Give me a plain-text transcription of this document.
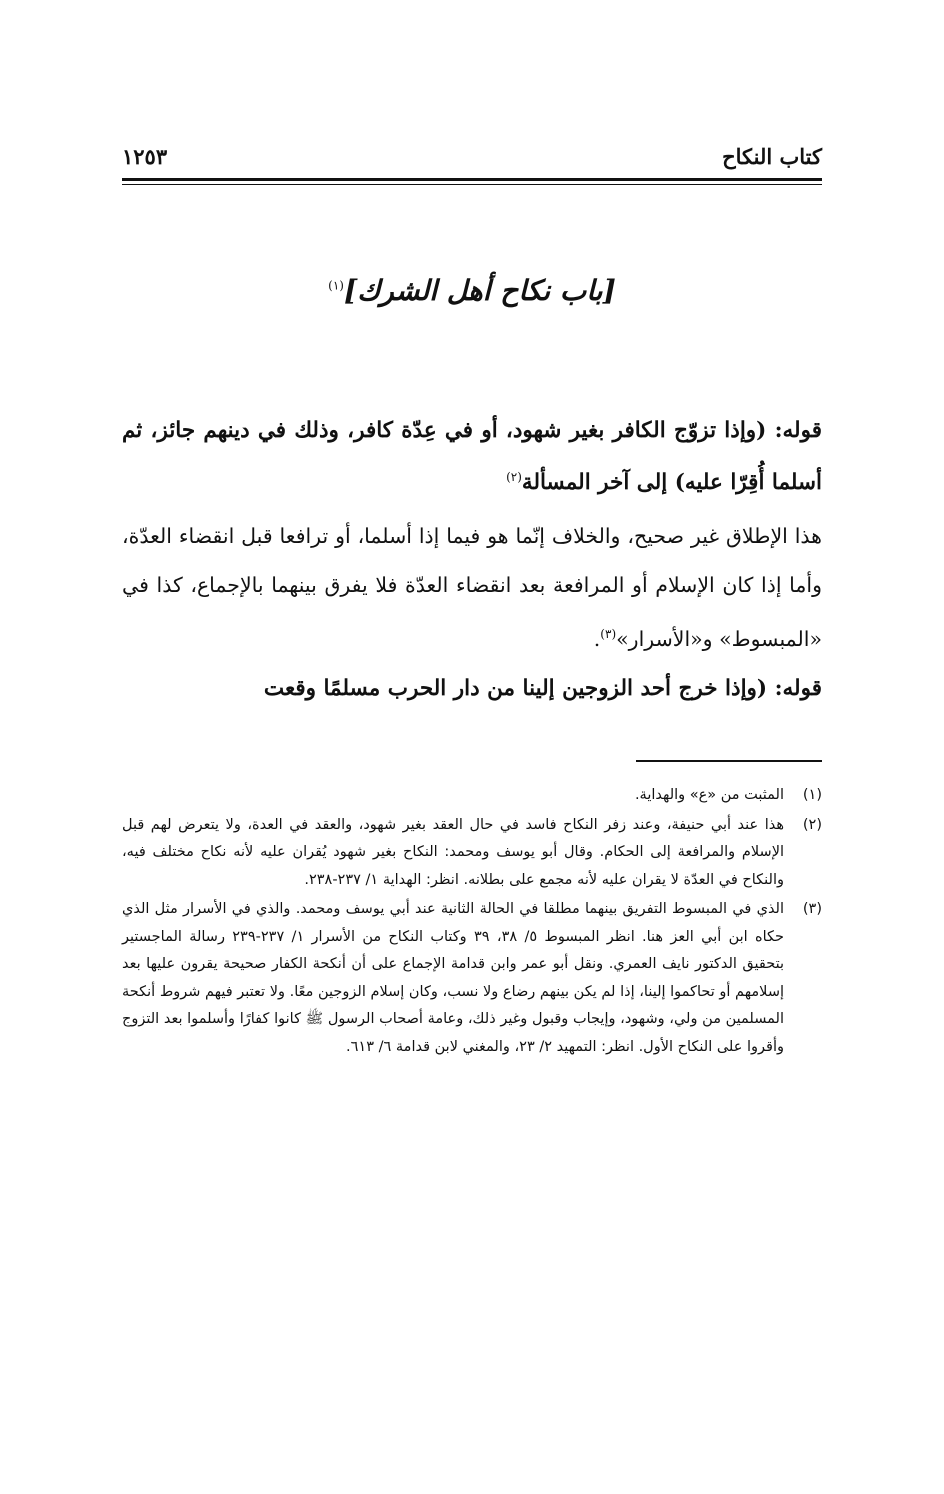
كتاب النكاح
١٢٥٣
[باب نكاح أهل الشرك]$^{(١)}$
قوله: (وإذا تزوّج الكافر بغير شهود، أو في عِدّة كافر، وذلك في دينهم جائز، ثم أسلما أُقِرّا عليه) إلى آخر المسألة$^{(٢)}$
هذا الإطلاق غير صحيح، والخلاف إنّما هو فيما إذا أسلما، أو ترافعا قبل انقضاء العدّة، وأما إذا كان الإسلام أو المرافعة بعد انقضاء العدّة فلا يفرق بينهما بالإجماع، كذا في «المبسوط» و«الأسرار»$^{(٣)}$.
قوله: (وإذا خرج أحد الزوجين إلينا من دار الحرب مسلمًا وقعت
(١)
المثبت من «ع» والهداية.
(٢)
هذا عند أبي حنيفة، وعند زفر النكاح فاسد في حال العقد بغير شهود، والعقد في العدة، ولا يتعرض لهم قبل الإسلام والمرافعة إلى الحكام. وقال أبو يوسف ومحمد: النكاح بغير شهود يُقران عليه لأنه نكاح مختلف فيه، والنكاح في العدّة لا يقران عليه لأنه مجمع على بطلانه. انظر: الهداية ١/ ٢٣٧-٢٣٨.
(٣)
الذي في المبسوط التفريق بينهما مطلقا في الحالة الثانية عند أبي يوسف ومحمد. والذي في الأسرار مثل الذي حكاه ابن أبي العز هنا. انظر المبسوط ٥/ ٣٨، ٣٩ وكتاب النكاح من الأسرار ١/ ٢٣٧-٢٣٩ رسالة الماجستير بتحقيق الدكتور نايف العمري. ونقل أبو عمر وابن قدامة الإجماع على أن أنكحة الكفار صحيحة يقرون عليها بعد إسلامهم أو تحاكموا إلينا، إذا لم يكن بينهم رضاع ولا نسب، وكان إسلام الزوجين معًا. ولا تعتبر فيهم شروط أنكحة المسلمين من ولي، وشهود، وإيجاب وقبول وغير ذلك، وعامة أصحاب الرسول ﷺ كانوا كفارًا وأسلموا بعد التزوج وأقروا على النكاح الأول. انظر: التمهيد ٢/ ٢٣، والمغني لابن قدامة ٦/ ٦١٣.
